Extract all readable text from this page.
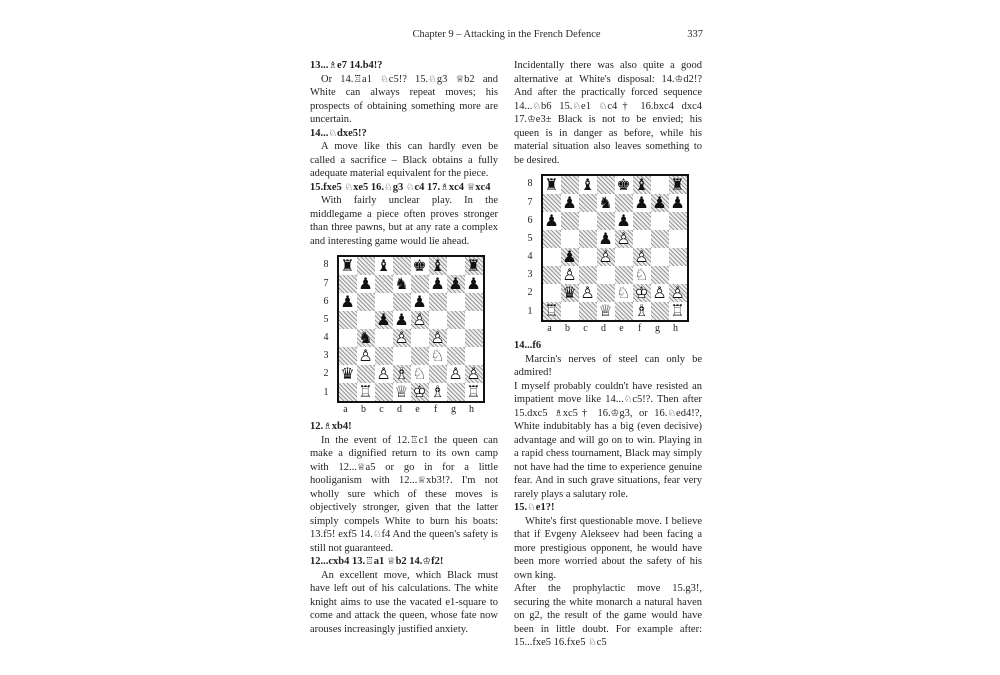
Chapter 9 – Attacking in the French Defence	337

13...♗e7 14.b4!?

Or 14.♖a1 ♘c5!? 15.♘g3 ♕b2 and White can always repeat moves; his prospects of obtaining something more are uncertain.

14...♘dxe5!?

A move like this can hardly even be called a sacrifice – Black obtains a fully adequate material equivalent for the piece.

15.fxe5 ♘xe5 16.♘g3 ♘c4 17.♗xc4 ♕xc4

With fairly unclear play. In the middlegame a piece often proves stronger than three pawns, but at any rate a complex and interesting game would lie ahead.

8 ♜ ♝ ♚ ♝ ♜
7	♟ ♞ ♟ ♟ ♟
6 ♟	♟
5	♟ ♟ ♟ ♙
4	♞ ♟ ♙ ♟ ♙
3	♟ ♙	♞ ♘
2 ♛ ♟ ♙ ♝ ♗ ♞ ♘ ♟ ♙ ♟ ♙
1	♜ ♖ ♛ ♕ ♚ ♔ ♝ ♗ ♜ ♖
a	b	c	d	e	f	g	h

12.♗xb4!

In the event of 12.♖c1 the queen can make a dignified return to its own camp with 12...♕a5 or go in for a little hooliganism with 12...♕xb3!?. I'm not wholly sure which of these moves is objectively stronger, given that the latter simply compels White to burn his boats: 13.f5! exf5 14.♘f4 And the queen's safety is still not guaranteed.

12...cxb4 13.♖a1 ♕b2 14.♔f2!

An excellent move, which Black must have left out of his calculations. The white knight aims to use the vacated e1-square to come and attack the queen, whose fate now arouses increasingly justified anxiety.

Incidentally there was also quite a good alternative at White's disposal: 14.♔d2!? And after the practically forced sequence 14...♘b6 15.♘e1 ♘c4† 16.bxc4 dxc4 17.♔e3± Black is not to be envied; his queen is in danger as before, while his material situation also leaves something to be desired.

8 ♜ ♝ ♚ ♝ ♜
7	♟ ♞ ♟ ♟ ♟
6 ♟	♟
5	♟ ♟ ♙
4	♟ ♟ ♙ ♟ ♙
3	♟ ♙	♞ ♘
2	♛ ♟ ♙ ♞ ♘ ♚ ♔ ♟ ♙ ♟ ♙
1 ♜ ♖ ♛ ♕ ♝ ♗ ♜ ♖
a	b	c	d	e	f	g	h

14...f6

Marcin's nerves of steel can only be admired!

I myself probably couldn't have resisted an impatient move like 14...♘c5!?. Then after 15.dxc5 ♗xc5† 16.♔g3, or 16.♘ed4!?, White indubitably has a big (even decisive) advantage and will go on to win. Playing in a rapid chess tournament, Black may simply not have had the time to experience genuine fear. And in such grave situations, fear very rarely plays a salutary role.

15.♘e1?!

White's first questionable move. I believe that if Evgeny Alekseev had been facing a more prestigious opponent, he would have been more worried about the safety of his own king.

After the prophylactic move 15.g3!, securing the white monarch a natural haven on g2, the result of the game would have been in little doubt. For example after: 15...fxe5 16.fxe5 ♘c5
